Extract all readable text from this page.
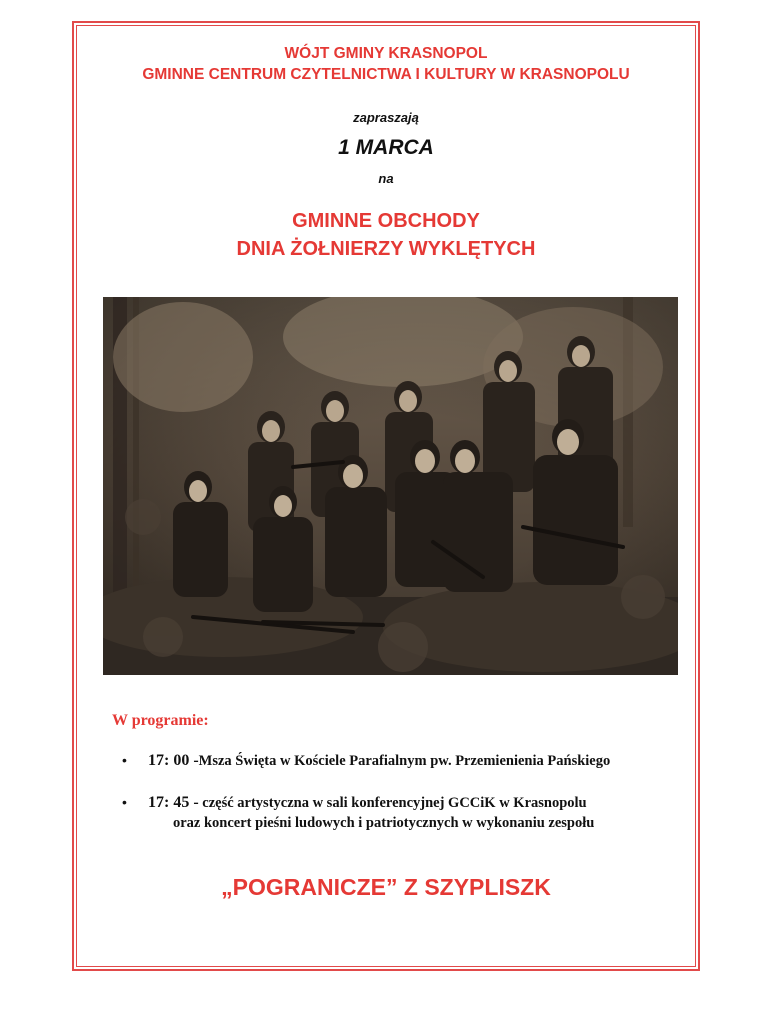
WÓJT GMINY KRASNOPOL
GMINNE CENTRUM CZYTELNICTWA I KULTURY W KRASNOPOLU
zapraszają
1 MARCA
na
GMINNE OBCHODY
DNIA ŻOŁNIERZY WYKLĘTYCH
W programie:
• 17: 00 -Msza Święta w Kościele Parafialnym pw. Przemienienia Pańskiego
• 17: 45 - część artystyczna w sali konferencyjnej GCCiK w Krasnopolu
oraz koncert pieśni ludowych i patriotycznych w wykonaniu zespołu
„POGRANICZE” Z SZYPLISZK
